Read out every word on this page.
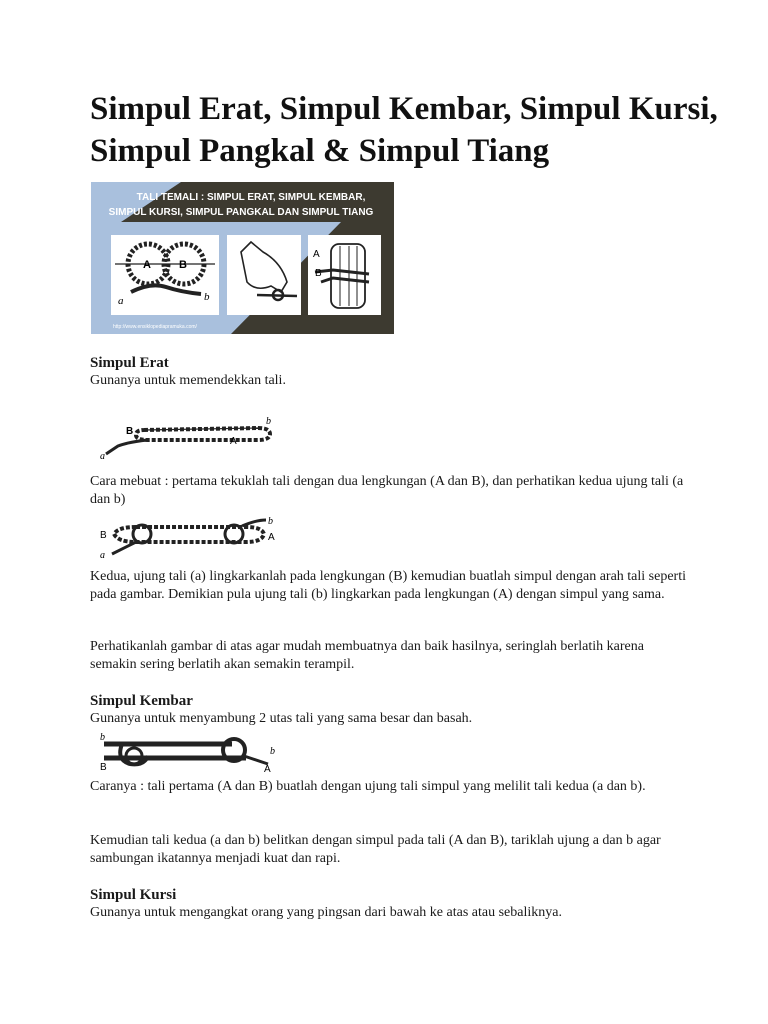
Simpul Erat, Simpul Kembar, Simpul Kursi, Simpul Pangkal & Simpul Tiang
TALI TEMALI : SIMPUL ERAT, SIMPUL KEMBAR,
SIMPUL KURSI, SIMPUL PANGKAL DAN SIMPUL TIANG
A	B
a	b
A
B
http://www.ensiklopediapramuka.com/
Simpul Erat
Gunanya untuk memendekkan tali.
B
A
a
b
Cara mebuat : pertama tekuklah tali dengan dua lengkungan (A dan B), dan perhatikan kedua ujung tali (a dan b)
B	A
a
b
Kedua, ujung tali (a) lingkarkanlah pada lengkungan (B) kemudian buatlah simpul dengan arah tali seperti pada gambar. Demikian pula ujung tali (b) lingkarkan pada lengkungan (A) dengan simpul yang sama.
Perhatikanlah gambar di atas agar mudah membuatnya dan baik hasilnya, seringlah berlatih karena semakin sering berlatih akan semakin terampil.
Simpul Kembar
Gunanya untuk menyambung 2 utas tali yang sama besar dan basah.
b
B
b
A
Caranya : tali pertama (A dan B) buatlah dengan ujung tali simpul yang melilit tali kedua (a dan b).
Kemudian tali kedua (a dan b) belitkan dengan simpul pada tali (A dan B), tariklah ujung a dan b agar sambungan ikatannya menjadi kuat dan rapi.
Simpul Kursi
Gunanya untuk mengangkat orang yang pingsan dari bawah ke atas atau sebaliknya.
